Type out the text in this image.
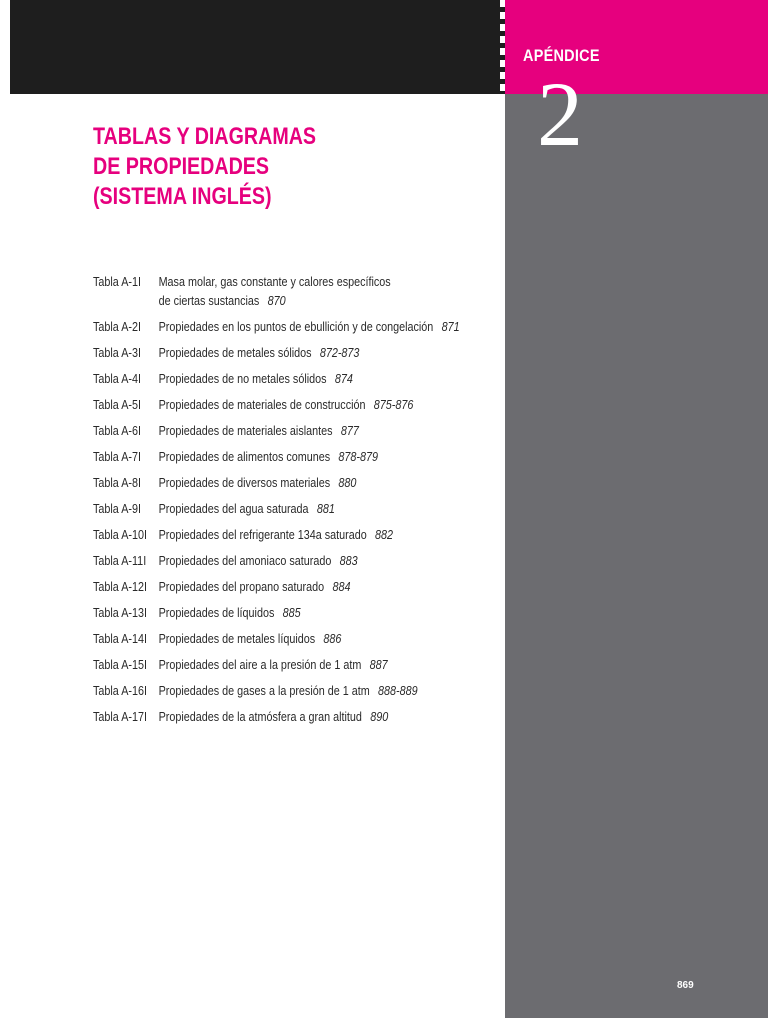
APÉNDICE
2
869
TABLAS Y DIAGRAMAS
DE PROPIEDADES
(SISTEMA INGLÉS)
Tabla A-1I	Masa molar, gas constante y calores específicos
de ciertas sustancias 870
Tabla A-2I	Propiedades en los puntos de ebullición y de congelación 871
Tabla A-3I	Propiedades de metales sólidos 872-873
Tabla A-4I	Propiedades de no metales sólidos 874
Tabla A-5I	Propiedades de materiales de construcción 875-876
Tabla A-6I	Propiedades de materiales aislantes 877
Tabla A-7I	Propiedades de alimentos comunes 878-879
Tabla A-8I	Propiedades de diversos materiales 880
Tabla A-9I	Propiedades del agua saturada 881
Tabla A-10I Propiedades del refrigerante 134a saturado 882
Tabla A-11I Propiedades del amoniaco saturado 883
Tabla A-12I Propiedades del propano saturado 884
Tabla A-13I Propiedades de líquidos 885
Tabla A-14I Propiedades de metales líquidos 886
Tabla A-15I Propiedades del aire a la presión de 1 atm 887
Tabla A-16I Propiedades de gases a la presión de 1 atm 888-889
Tabla A-17I Propiedades de la atmósfera a gran altitud 890
